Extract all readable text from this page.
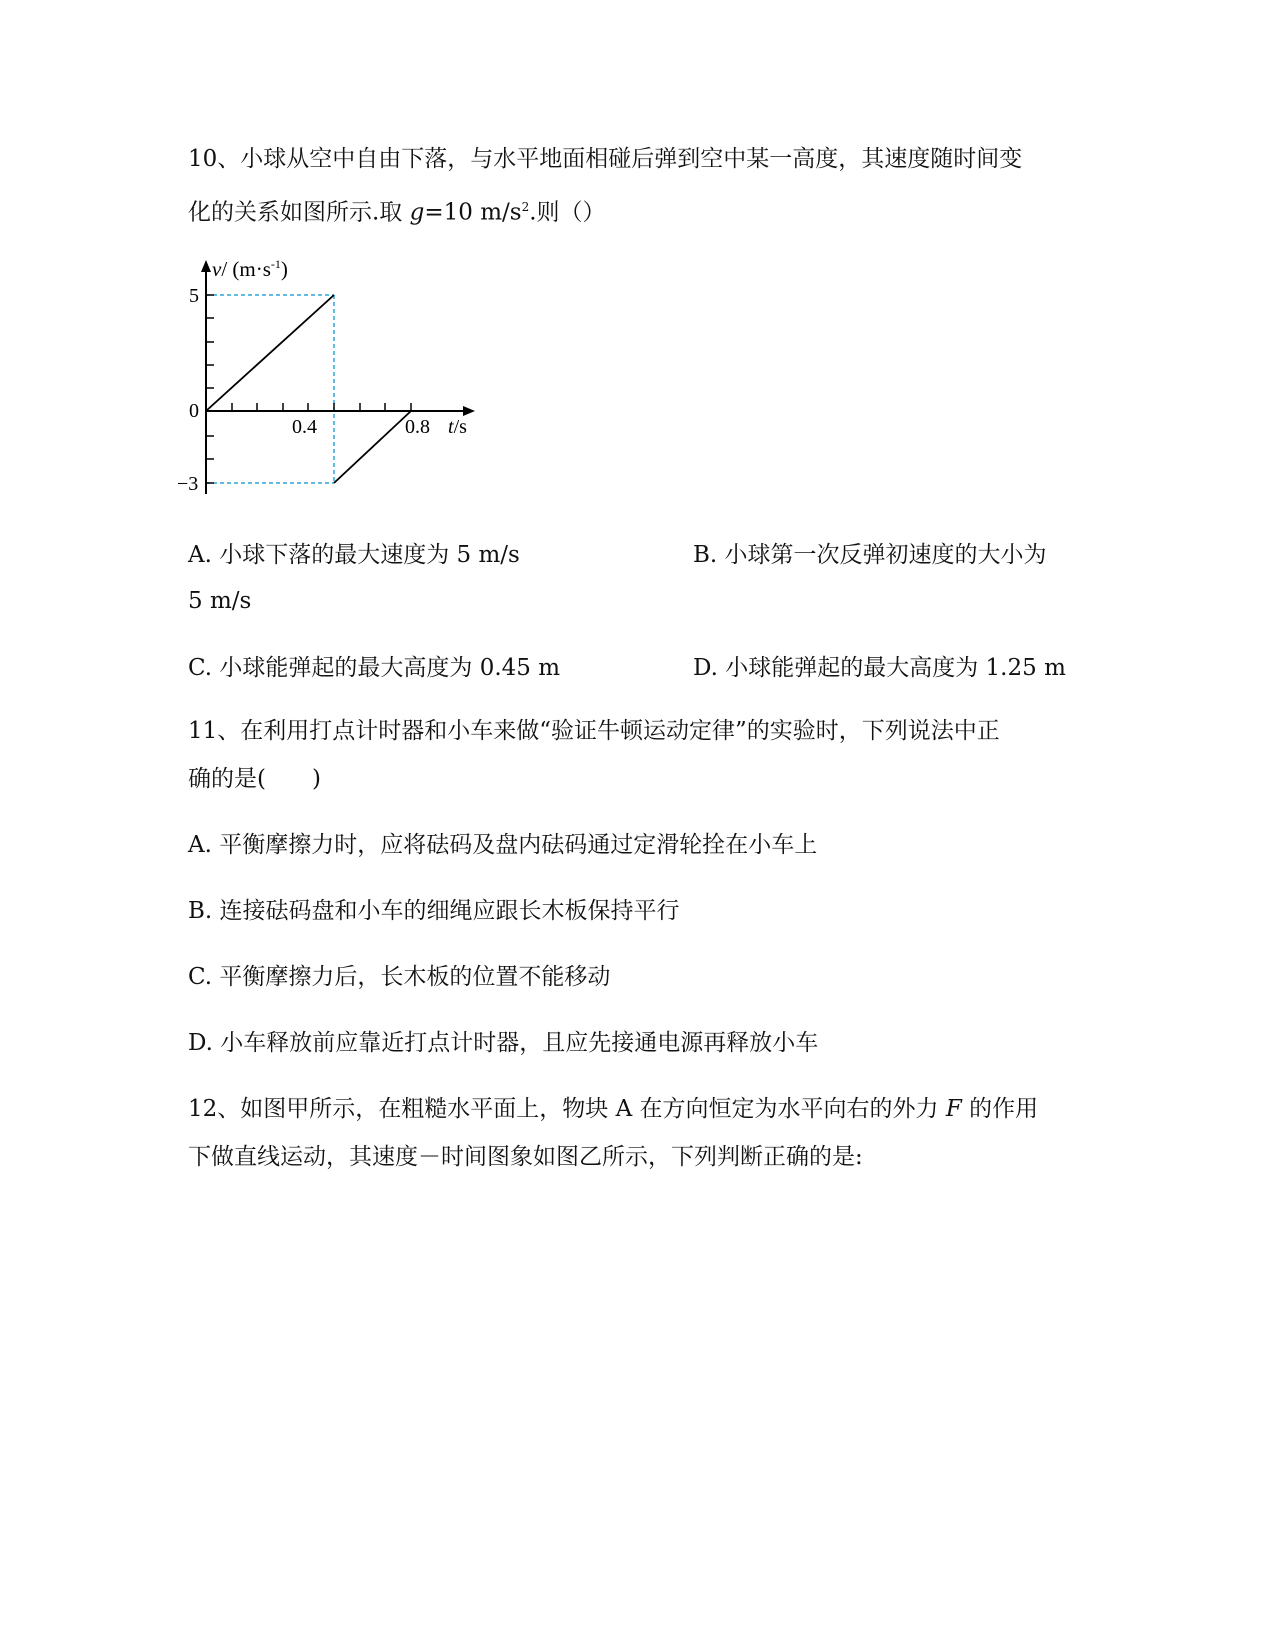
10、小球从空中自由下落，与水平地面相碰后弹到空中某一高度，其速度随时间变
化的关系如图所示.取 g=10 $m/s^2$.则（）
v/ $(m\cdot s^{-1})$
5
0
−3
0.4	0.8 t/s
A. 小球下落的最大速度为 5 m/s	B. 小球第一次反弹初速度的大小为
5 m/s
C. 小球能弹起的最大高度为 0.45 m	D. 小球能弹起的最大高度为 1.25 m
11、在利用打点计时器和小车来做“验证牛顿运动定律”的实验时，下列说法中正
确的是(　　)
A. 平衡摩擦力时，应将砝码及盘内砝码通过定滑轮拴在小车上
B. 连接砝码盘和小车的细绳应跟长木板保持平行
C. 平衡摩擦力后，长木板的位置不能移动
D. 小车释放前应靠近打点计时器，且应先接通电源再释放小车
12、如图甲所示，在粗糙水平面上，物块 A 在方向恒定为水平向右的外力 F 的作用
下做直线运动，其速度－时间图象如图乙所示，下列判断正确的是:
